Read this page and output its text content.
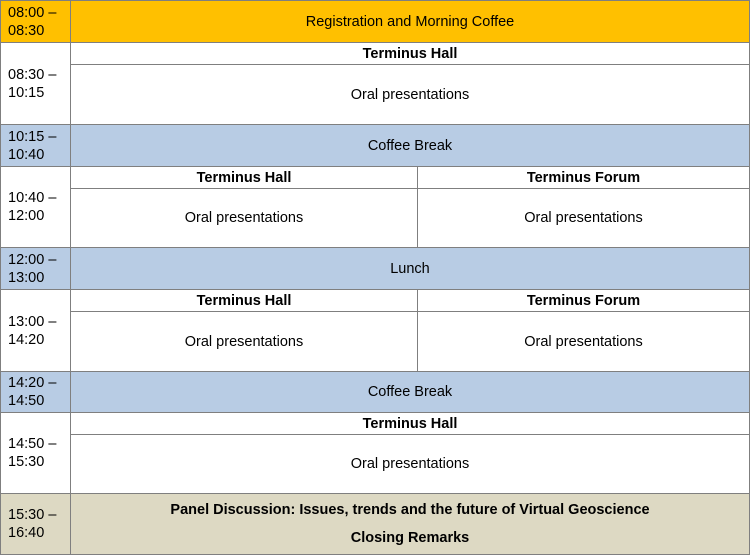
08:00 –
08:30	Registration and Morning Coffee	
08:30 –
10:15	Terminus Hall	
	Oral presentations	
10:15 –
10:40	Coffee Break	
10:40 –
12:00	Terminus Hall	Terminus Forum
	Oral presentations	Oral presentations
12:00 –
13:00	Lunch	
13:00 –
14:20	Terminus Hall	Terminus Forum
	Oral presentations	Oral presentations
14:20 –
14:50	Coffee Break	
14:50 –
15:30	Terminus Hall	
	Oral presentations	
15:30 –
16:40	Panel Discussion: Issues, trends and the future of Virtual Geoscience
Closing Remarks	
